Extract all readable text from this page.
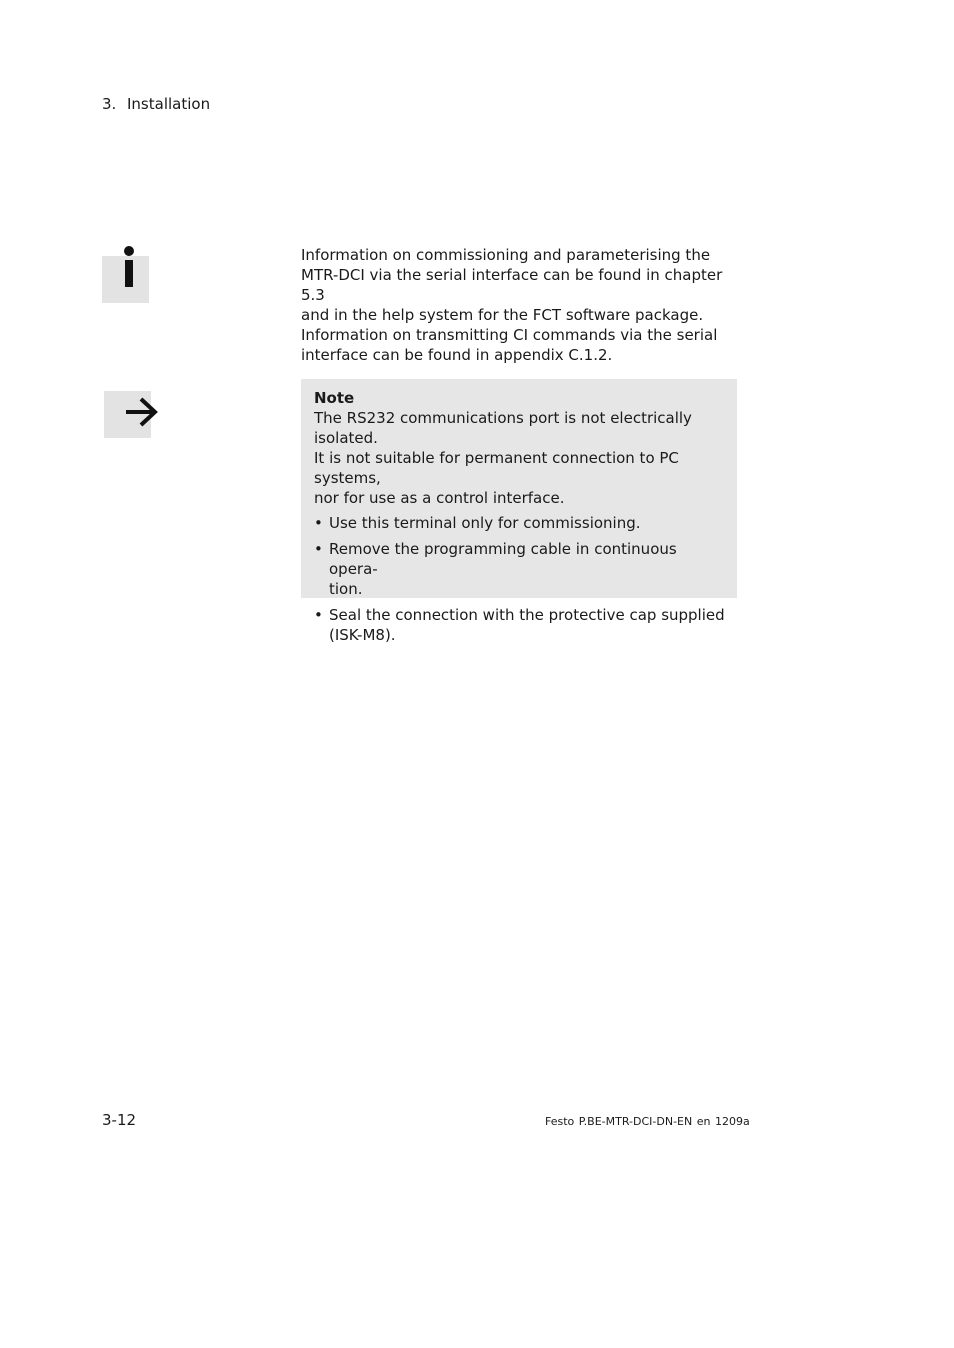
3. Installation

Information on commissioning and parameterising the

MTR-DCI via the serial interface can be found in chapter 5.3

and in the help system for the FCT software package.

Information on transmitting CI commands via the serial

interface can be found in appendix C.1.2.

Note

The RS232 communications port is not electrically isolated.

It is not suitable for permanent connection to PC systems,

nor for use as a control interface.

• Use this terminal only for commissioning.
• Remove the programming cable in continuous opera-
tion.
• Seal the connection with the protective cap supplied
(ISK-M8).
3-12	Festo P.BE-MTR-DCI-DN-EN en 1209a
